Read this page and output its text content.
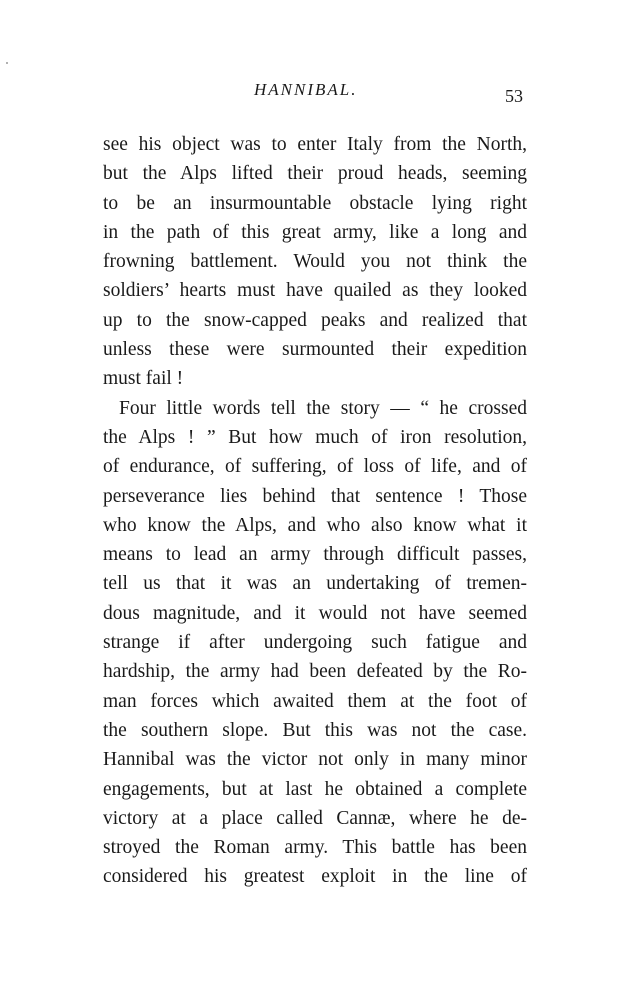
HANNIBAL.	53
see his object was to enter Italy from the North,
but the Alps lifted their proud heads, seeming
to be an insurmountable obstacle lying right
in the path of this great army, like a long and
frowning battlement. Would you not think the
soldiers’ hearts must have quailed as they looked
up to the snow-capped peaks and realized that
unless these were surmounted their expedition
must fail !
Four little words tell the story — “ he crossed
the Alps ! ” But how much of iron resolution,
of endurance, of suffering, of loss of life, and of
perseverance lies behind that sentence ! Those
who know the Alps, and who also know what it
means to lead an army through difficult passes,
tell us that it was an undertaking of tremen-
dous magnitude, and it would not have seemed
strange if after undergoing such fatigue and
hardship, the army had been defeated by the Ro-
man forces which awaited them at the foot of
the southern slope. But this was not the case.
Hannibal was the victor not only in many minor
engagements, but at last he obtained a complete
victory at a place called Cannæ, where he de-
stroyed the Roman army. This battle has been
considered his greatest exploit in the line of
